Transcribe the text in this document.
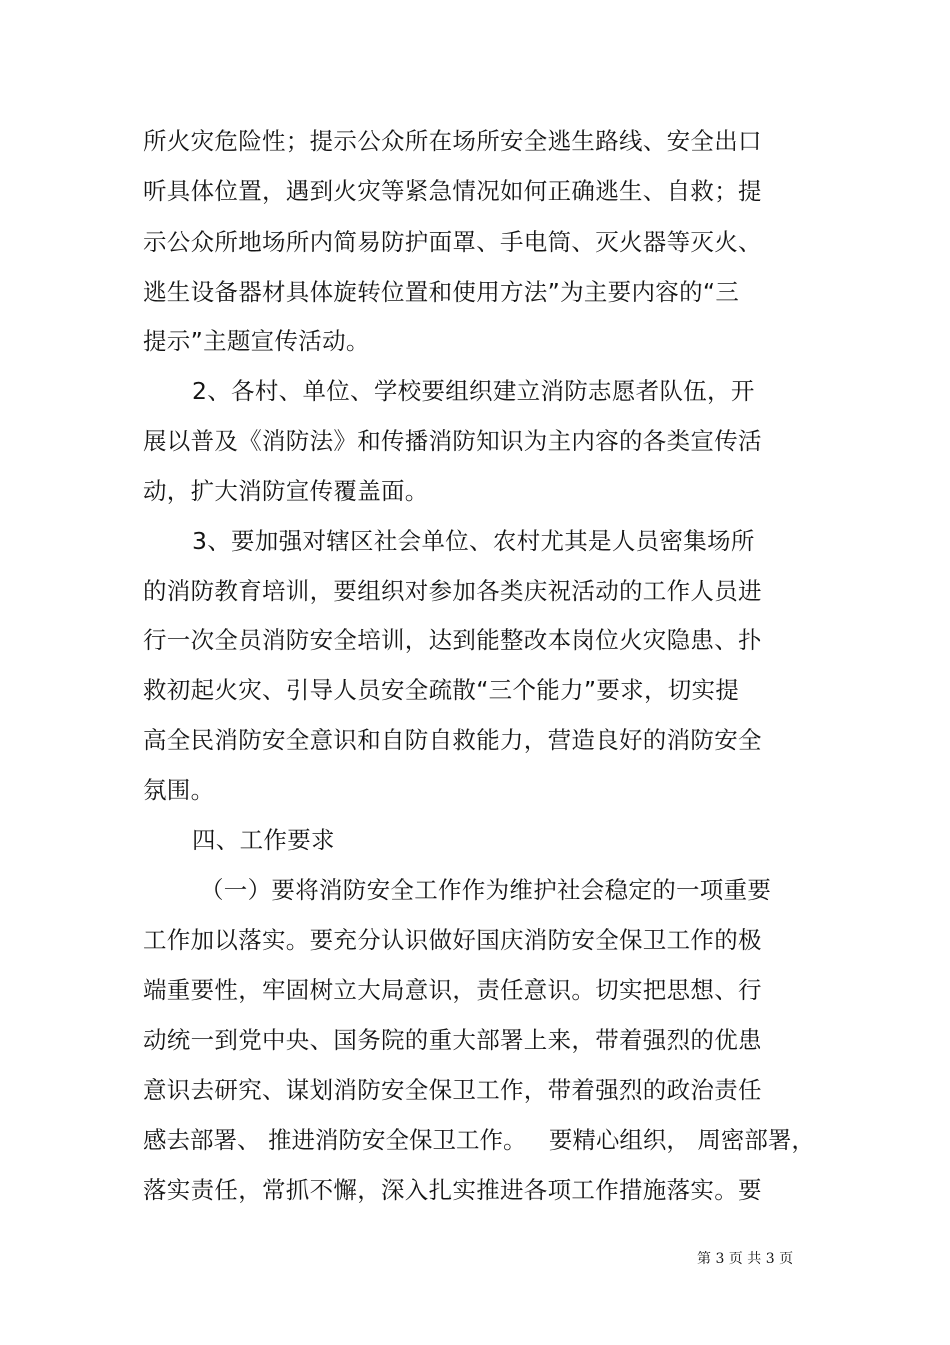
所火灾危险性；提示公众所在场所安全逃生路线、安全出口
听具体位置，遇到火灾等紧急情况如何正确逃生、自救；提
示公众所地场所内简易防护面罩、手电筒、灭火器等灭火、
逃生设备器材具体旋转位置和使用方法”为主要内容的“三
提示”主题宣传活动。
2、各村、单位、学校要组织建立消防志愿者队伍，开
展以普及《消防法》和传播消防知识为主内容的各类宣传活
动，扩大消防宣传覆盖面。
3、要加强对辖区社会单位、农村尤其是人员密集场所
的消防教育培训，要组织对参加各类庆祝活动的工作人员进
行一次全员消防安全培训，达到能整改本岗位火灾隐患、扑
救初起火灾、引导人员安全疏散“三个能力”要求，切实提
高全民消防安全意识和自防自救能力，营造良好的消防安全
氛围。
四、工作要求
（一）要将消防安全工作作为维护社会稳定的一项重要
工作加以落实。要充分认识做好国庆消防安全保卫工作的极
端重要性，牢固树立大局意识，责任意识。切实把思想、行
动统一到党中央、国务院的重大部署上来，带着强烈的优患
意识去研究、谋划消防安全保卫工作，带着强烈的政治责任
感去部署、 推进消防安全保卫工作。   要精心组织， 周密部署，
落实责任，常抓不懈，深入扎实推进各项工作措施落实。要
第 3 页 共 3 页
